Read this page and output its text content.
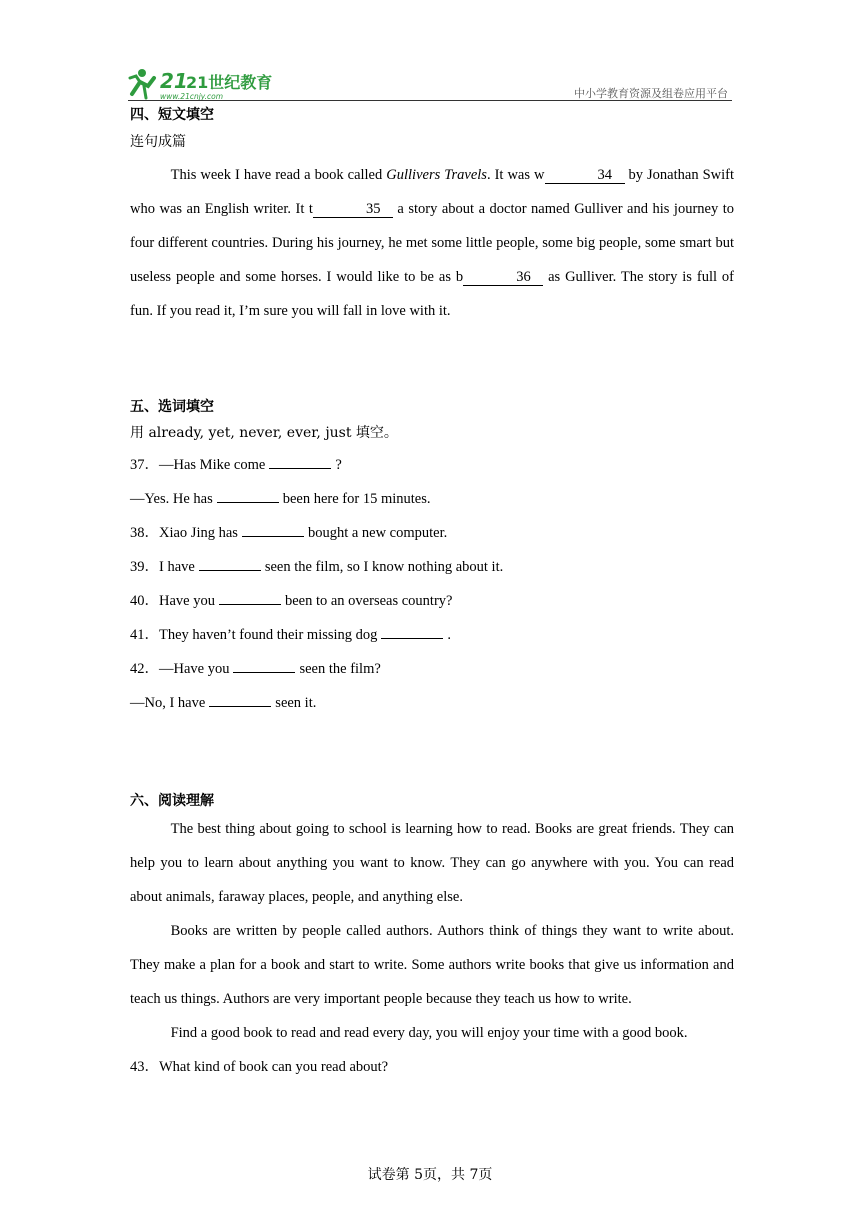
21
21世纪教育
www.21cnjy.com	中小学教育资源及组卷应用平台
四、短文填空
连句成篇

This week I have read a book called Gullivers Travels. It was w	34 by Jonathan Swift who was an English writer. It t	35 a story about a doctor named Gulliver and his journey to four different countries. During his journey, he met some little people, some big people, some smart but useless people and some horses. I would like to be as b	36 as Gulliver. The story is full of fun. If you read it, I’m sure you will fall in love with it.

五、选词填空
用 already, yet, never, ever, just 填空。

37．—Has Mike come	?

—Yes. He has	been here for 15 minutes.

38．Xiao Jing has	bought a new computer.

39．I have	seen the film, so I know nothing about it.

40．Have you	been to an overseas country?

41．They haven’t found their missing dog	.

42．—Have you	seen the film?

—No, I have	seen it.

六、阅读理解

The best thing about going to school is learning how to read. Books are great friends. They can help you to learn about anything you want to know. They can go anywhere with you. You can read about animals, faraway places, people, and anything else.

Books are written by people called authors. Authors think of things they want to write about. They make a plan for a book and start to write. Some authors write books that give us information and teach us things. Authors are very important people because they teach us how to write.

Find a good book to read and read every day, you will enjoy your time with a good book.

43．What kind of book can you read about?

试卷第 5页，共 7页
